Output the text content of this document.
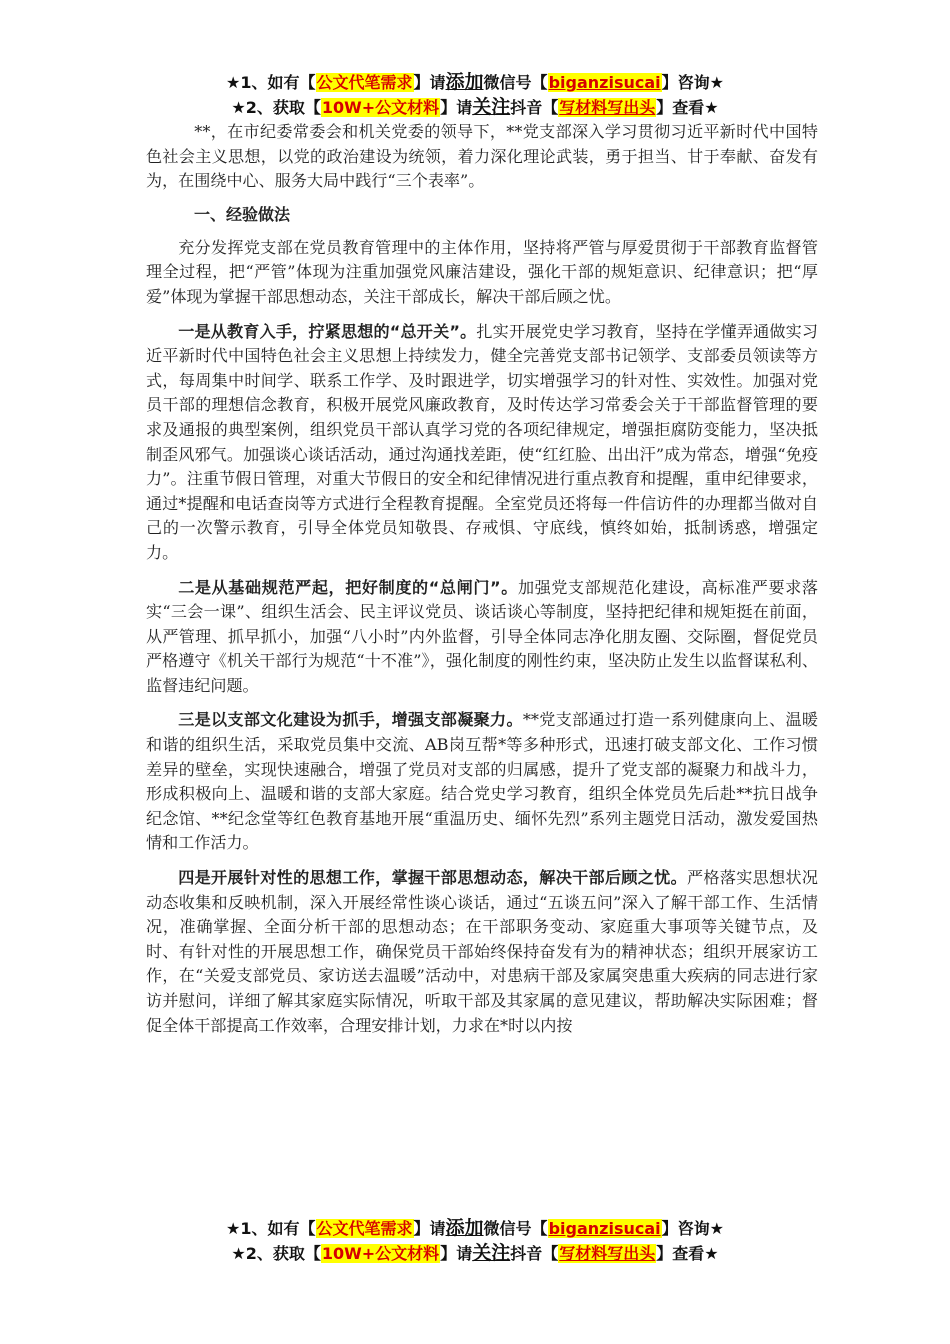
★1、如有【公文代笔需求】请添加微信号【biganzisucai】咨询★
★2、获取【10W+公文材料】请关注抖音【写材料写出头】查看★

**，在市纪委常委会和机关党委的领导下，**党支部深入学习贯彻习近平新时代中国特色社会主义思想，以党的政治建设为统领，着力深化理论武装，勇于担当、甘于奉献、奋发有为，在围绕中心、服务大局中践行“三个表率”。

一、经验做法

充分发挥党支部在党员教育管理中的主体作用，坚持将严管与厚爱贯彻于干部教育监督管理全过程，把“严管”体现为注重加强党风廉洁建设，强化干部的规矩意识、纪律意识；把“厚爱”体现为掌握干部思想动态，关注干部成长，解决干部后顾之忧。

一是从教育入手，拧紧思想的“总开关”。扎实开展党史学习教育，坚持在学懂弄通做实习近平新时代中国特色社会主义思想上持续发力，健全完善党支部书记领学、支部委员领读等方式，每周集中时间学、联系工作学、及时跟进学，切实增强学习的针对性、实效性。加强对党员干部的理想信念教育，积极开展党风廉政教育，及时传达学习常委会关于干部监督管理的要求及通报的典型案例，组织党员干部认真学习党的各项纪律规定，增强拒腐防变能力，坚决抵制歪风邪气。加强谈心谈话活动，通过沟通找差距，使“红红脸、出出汗”成为常态，增强“免疫力”。注重节假日管理，对重大节假日的安全和纪律情况进行重点教育和提醒，重申纪律要求，通过*提醒和电话查岗等方式进行全程教育提醒。全室党员还将每一件信访件的办理都当做对自己的一次警示教育，引导全体党员知敬畏、存戒惧、守底线，慎终如始，抵制诱惑，增强定力。

二是从基础规范严起，把好制度的“总闸门”。加强党支部规范化建设，高标准严要求落实“三会一课”、组织生活会、民主评议党员、谈话谈心等制度，坚持把纪律和规矩挺在前面，从严管理、抓早抓小，加强“八小时”内外监督，引导全体同志净化朋友圈、交际圈，督促党员严格遵守《机关干部行为规范“十不准”》，强化制度的刚性约束，坚决防止发生以监督谋私利、监督违纪问题。

三是以支部文化建设为抓手，增强支部凝聚力。**党支部通过打造一系列健康向上、温暖和谐的组织生活，采取党员集中交流、AB岗互帮*等多种形式，迅速打破支部文化、工作习惯差异的壁垒，实现快速融合，增强了党员对支部的归属感，提升了党支部的凝聚力和战斗力，形成积极向上、温暖和谐的支部大家庭。结合党史学习教育，组织全体党员先后赴**抗日战争纪念馆、**纪念堂等红色教育基地开展“重温历史、缅怀先烈”系列主题党日活动，激发爱国热情和工作活力。

四是开展针对性的思想工作，掌握干部思想动态，解决干部后顾之忧。严格落实思想状况动态收集和反映机制，深入开展经常性谈心谈话，通过“五谈五问”深入了解干部工作、生活情况，准确掌握、全面分析干部的思想动态；在干部职务变动、家庭重大事项等关键节点，及时、有针对性的开展思想工作，确保党员干部始终保持奋发有为的精神状态；组织开展家访工作，在“关爱支部党员、家访送去温暖”活动中，对患病干部及家属突患重大疾病的同志进行家访并慰问，详细了解其家庭实际情况，听取干部及其家属的意见建议，帮助解决实际困难；督促全体干部提高工作效率，合理安排计划，力求在*时以内按

★1、如有【公文代笔需求】请添加微信号【biganzisucai】咨询★
★2、获取【10W+公文材料】请关注抖音【写材料写出头】查看★
